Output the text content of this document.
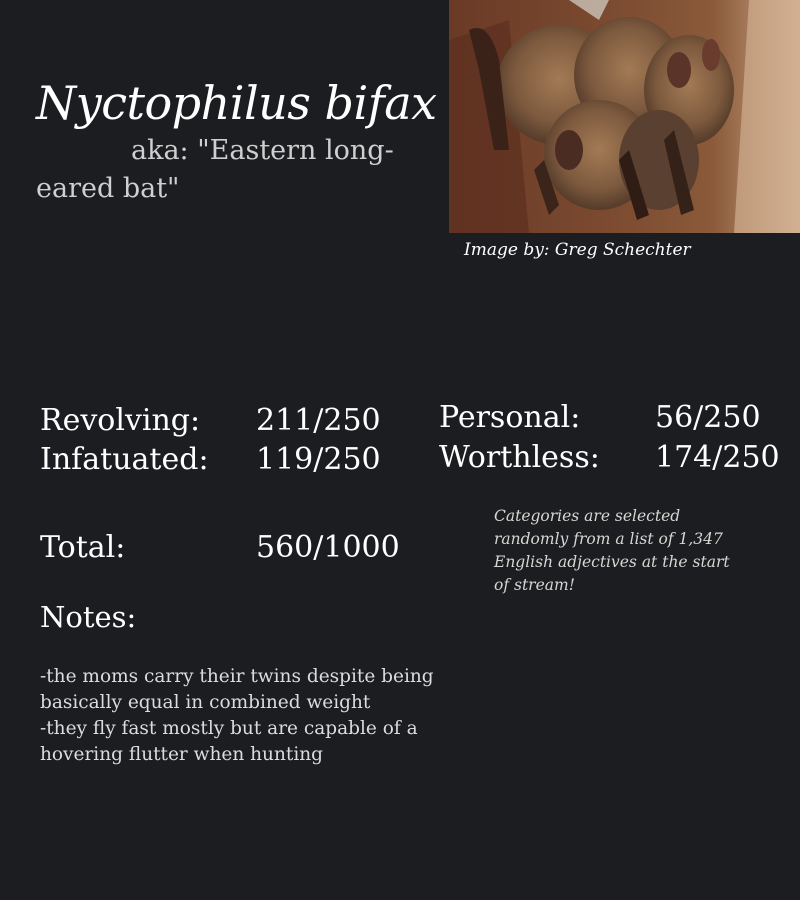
Nyctophilus bifax
aka: "Eastern long-eared bat"
Image by: Greg Schechter
Revolving: 211/250
Infatuated: 119/250
Personal: 56/250
Worthless: 174/250
Total:	560/1000
Categories are selected randomly from a list of 1,347 English adjectives at the start of stream!
Notes:
-the moms carry their twins despite being basically equal in combined weight
-they fly fast mostly but are capable of a hovering flutter when hunting
